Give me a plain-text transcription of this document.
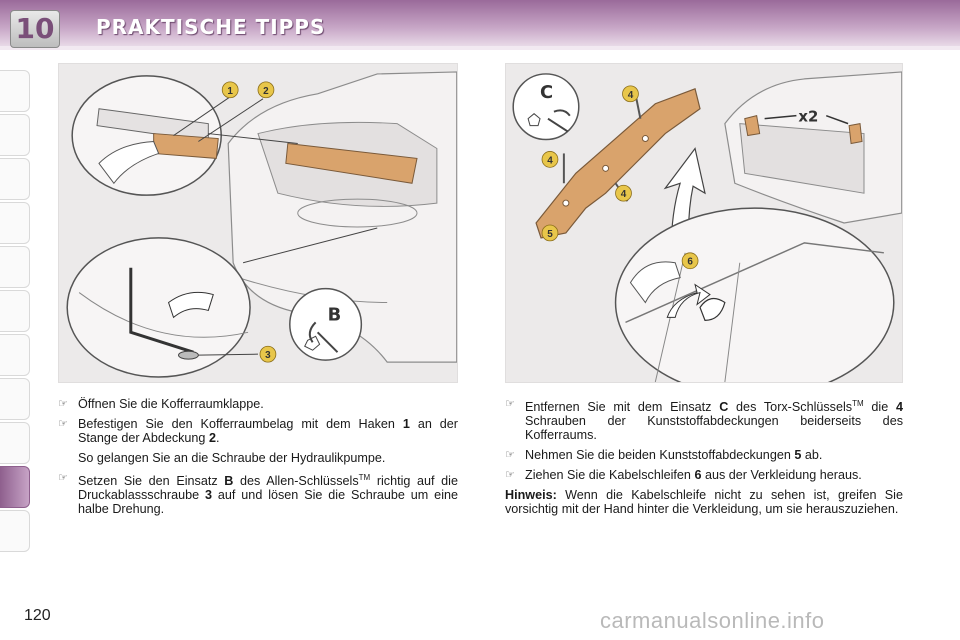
10 PRAKTISCHE TIPPS
B
1	2
3
x2
C	4
4
4
5
6
☞ Öffnen Sie die Kofferraumklappe.
☞ Befestigen Sie den Kofferraumbelag mit dem Haken 1 an der Stange der Abdeckung 2.
So gelangen Sie an die Schraube der Hydraulikpumpe.
☞ Setzen Sie den Einsatz B des Allen-Schlüssels™ richtig auf die Druckablassschraube 3 auf und lösen Sie die Schraube um eine halbe Drehung.
☞ Entfernen Sie mit dem Einsatz C des Torx-Schlüssels™ die 4 Schrauben der Kunststoffabdeckungen beiderseits des Kofferraums.
☞ Nehmen Sie die beiden Kunststoffabdeckungen 5 ab.
☞ Ziehen Sie die Kabelschleifen 6 aus der Verkleidung heraus.

Hinweis: Wenn die Kabelschleife nicht zu sehen ist, greifen Sie vorsichtig mit der Hand hinter die Verkleidung, um sie herauszuziehen.

120	carmanualsonline.info
